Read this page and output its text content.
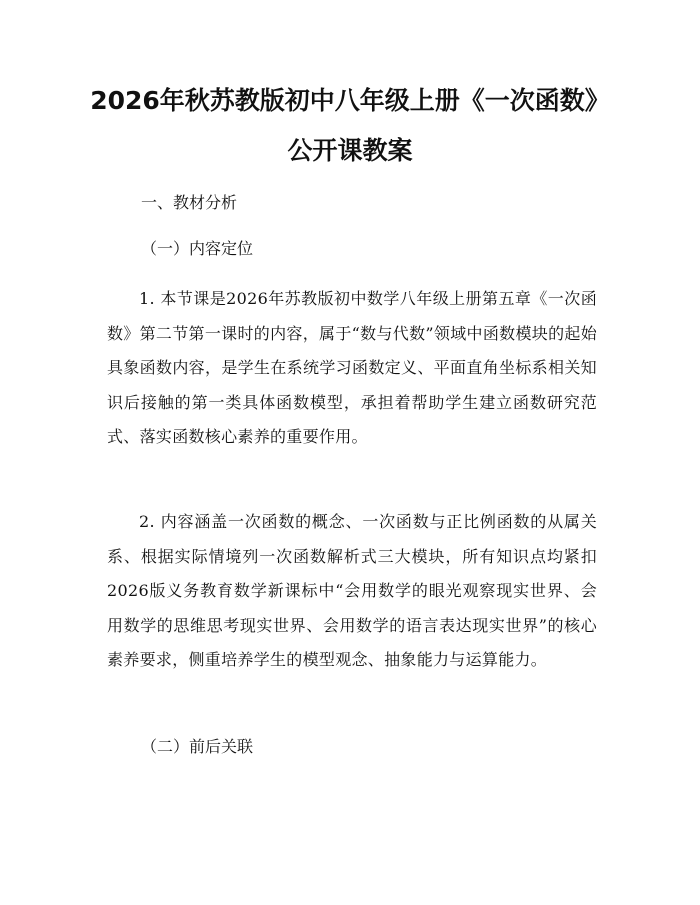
2026年秋苏教版初中八年级上册《一次函数》公开课教案

一、教材分析

（一）内容定位

1. 本节课是2026年苏教版初中数学八年级上册第五章《一次函数》第二节第一课时的内容，属于“数与代数”领域中函数模块的起始具象函数内容，是学生在系统学习函数定义、平面直角坐标系相关知识后接触的第一类具体函数模型，承担着帮助学生建立函数研究范式、落实函数核心素养的重要作用。

2. 内容涵盖一次函数的概念、一次函数与正比例函数的从属关系、根据实际情境列一次函数解析式三大模块，所有知识点均紧扣2026版义务教育数学新课标中“会用数学的眼光观察现实世界、会用数学的思维思考现实世界、会用数学的语言表达现实世界”的核心素养要求，侧重培养学生的模型观念、抽象能力与运算能力。

（二）前后关联
